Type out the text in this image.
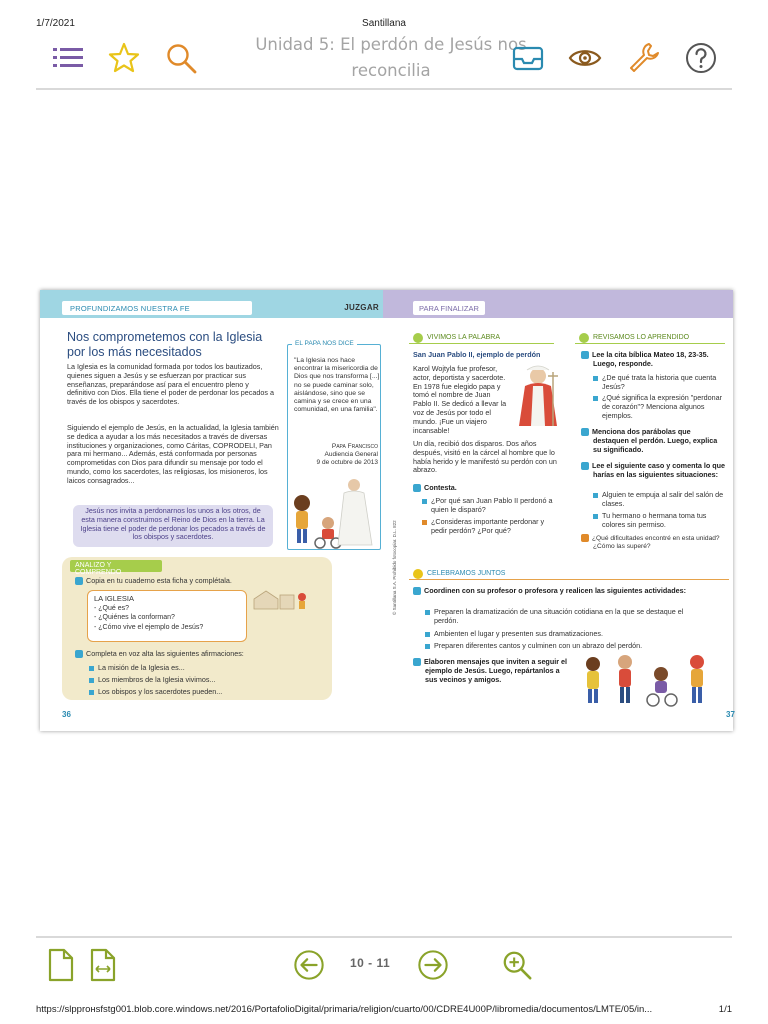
1/7/2021	Santillana
Unidad 5: El perdón de Jesús nos reconcilia
PROFUNDIZAMOS NUESTRA FE	JUZGAR
Nos comprometemos con la Iglesia por los más necesitados
La Iglesia es la comunidad formada por todos los bautizados, quienes siguen a Jesús y se esfuerzan por practicar sus enseñanzas, preparándose así para el encuentro pleno y definitivo con Dios. Ella tiene el poder de perdonar los pecados a través de los obispos y sacerdotes.
Siguiendo el ejemplo de Jesús, en la actualidad, la Iglesia también se dedica a ayudar a los más necesitados a través de diversas instituciones y organizaciones, como Cáritas, COPRODELI, Pan para mi hermano... Además, está conformada por personas comprometidas con Dios para difundir su mensaje por todo el mundo, como los sacerdotes, las religiosas, los misioneros, los laicos consagrados...
Jesús nos invita a perdonarnos los unos a los otros, de esta manera construimos el Reino de Dios en la tierra. La Iglesia tiene el poder de perdonar los pecados a través de los obispos y sacerdotes.
EL PAPA NOS DICE
"La Iglesia nos hace encontrar la misericordia de Dios que nos transforma [...] no se puede caminar solo, aislándose, sino que se camina y se crece en una comunidad, en una familia".
Papa Francisco
Audiencia General
9 de octubre de 2013
ANALIZO Y COMPRENDO
Copia en tu cuaderno esta ficha y complétala.
LA IGLESIA
- ¿Qué es?
- ¿Quiénes la conforman?
- ¿Cómo vive el ejemplo de Jesús?
Completa en voz alta las siguientes afirmaciones:
La misión de la Iglesia es...
Los miembros de la Iglesia vivimos...
Los obispos y los sacerdotes pueden...
36
PARA FINALIZAR
© Santillana S.A. Prohibido fotocopiar. D.L. 822
VIVIMOS LA PALABRA
San Juan Pablo II, ejemplo de perdón
Karol Wojtyla fue profesor, actor, deportista y sacerdote. En 1978 fue elegido papa y tomó el nombre de Juan Pablo II. Se dedicó a llevar la voz de Jesús por todo el mundo. ¡Fue un viajero incansable!
Un día, recibió dos disparos. Dos años después, visitó en la cárcel al hombre que lo había herido y le manifestó su perdón con un abrazo.
Contesta.
¿Por qué san Juan Pablo II perdonó a quien le disparó?
¿Consideras importante perdonar y pedir perdón? ¿Por qué?
REVISAMOS LO APRENDIDO
Lee la cita bíblica Mateo 18, 23-35. Luego, responde.
¿De qué trata la historia que cuenta Jesús?
¿Qué significa la expresión "perdonar de corazón"? Menciona algunos ejemplos.
Menciona dos parábolas que destaquen el perdón. Luego, explica su significado.
Lee el siguiente caso y comenta lo que harías en las siguientes situaciones:
Alguien te empuja al salir del salón de clases.
Tu hermano o hermana toma tus colores sin permiso.
¿Qué dificultades encontré en esta unidad? ¿Cómo las superé?
CELEBRAMOS JUNTOS
Coordinen con su profesor o profesora y realicen las siguientes actividades:
Preparen la dramatización de una situación cotidiana en la que se destaque el perdón.
Ambienten el lugar y presenten sus dramatizaciones.
Preparen diferentes cantos y culminen con un abrazo del perdón.
Elaboren mensajes que inviten a seguir el ejemplo de Jesús. Luego, repártanlos a sus vecinos y amigos.
37
10 - 11
https://slpprонsfstg001.blob.core.windows.net/2016/PortafolioDigital/primaria/religion/cuarto/00/CDRE4U00P/libromedia/documentos/LMTE/05/in...	1/1
